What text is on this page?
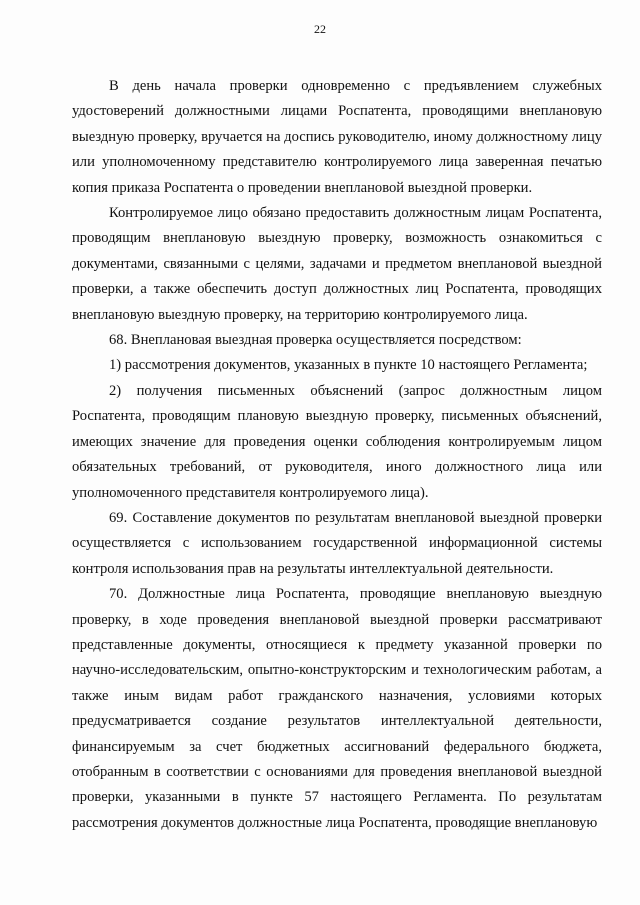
22

В день начала проверки одновременно с предъявлением служебных удостоверений должностными лицами Роспатента, проводящими внеплановую выездную проверку, вручается на доспись руководителю, иному должностному лицу или уполномоченному представителю контролируемого лица заверенная печатью копия приказа Роспатента о проведении внеплановой выездной проверки.

Контролируемое лицо обязано предоставить должностным лицам Роспатента, проводящим внеплановую выездную проверку, возможность ознакомиться с документами, связанными с целями, задачами и предметом внеплановой выездной проверки, а также обеспечить доступ должностных лиц Роспатента, проводящих внеплановую выездную проверку, на территорию контролируемого лица.

68. Внеплановая выездная проверка осуществляется посредством:

1) рассмотрения документов, указанных в пункте 10 настоящего Регламента;

2) получения письменных объяснений (запрос должностным лицом Роспатента, проводящим плановую выездную проверку, письменных объяснений, имеющих значение для проведения оценки соблюдения контролируемым лицом обязательных требований, от руководителя, иного должностного лица или уполномоченного представителя контролируемого лица).

69. Составление документов по результатам внеплановой выездной проверки осуществляется с использованием государственной информационной системы контроля использования прав на результаты интеллектуальной деятельности.

70. Должностные лица Роспатента, проводящие внеплановую выездную проверку, в ходе проведения внеплановой выездной проверки рассматривают представленные документы, относящиеся к предмету указанной проверки по научно-исследовательским, опытно-конструкторским и технологическим работам, а также иным видам работ гражданского назначения, условиями которых предусматривается создание результатов интеллектуальной деятельности, финансируемым за счет бюджетных ассигнований федерального бюджета, отобранным в соответствии с основаниями для проведения внеплановой выездной проверки, указанными в пункте 57 настоящего Регламента. По результатам рассмотрения документов должностные лица Роспатента, проводящие внеплановую
